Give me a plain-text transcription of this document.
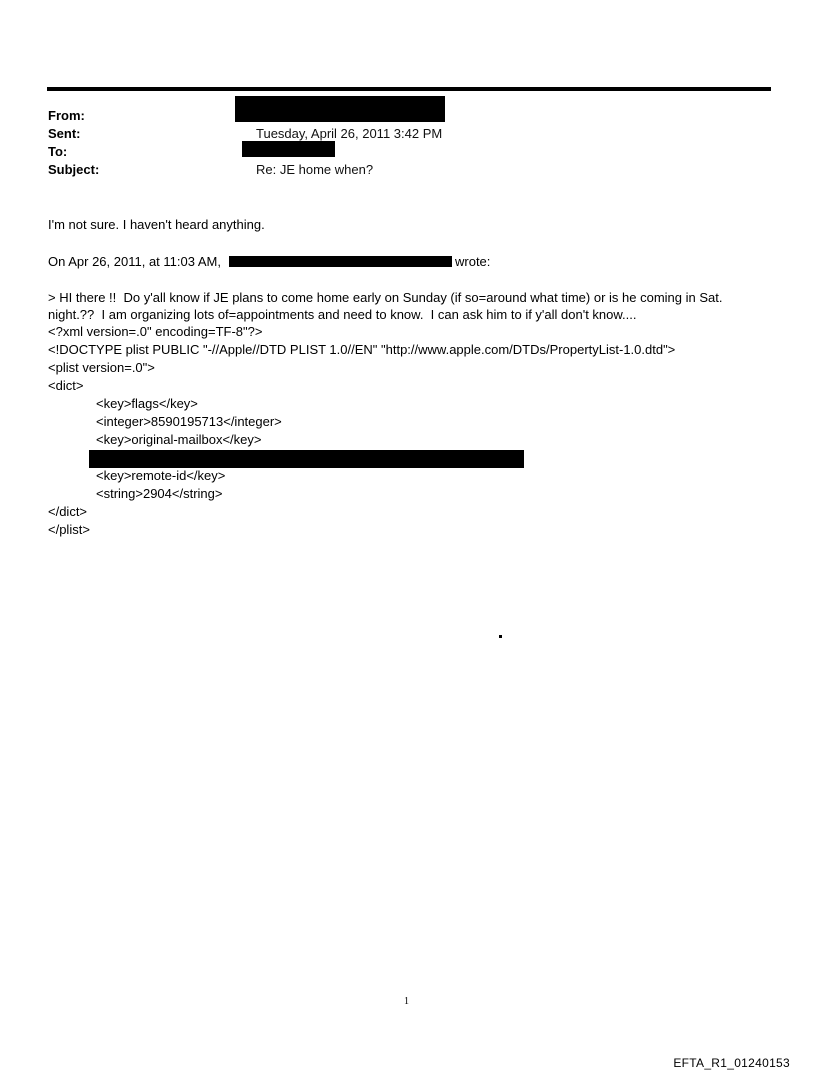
From:
Sent:	Tuesday, April 26, 2011 3:42 PM
To:
Subject:	Re: JE home when?
I'm not sure. I haven't heard anything.
On Apr 26, 2011, at 11:03 AM,	wrote:
> HI there !!  Do y'all know if JE plans to come home early on Sunday (if so=around what time) or is he coming in Sat.
night.??  I am organizing lots of=appointments and need to know.  I can ask him to if y'all don't know....
<?xml version=.0" encoding=TF-8"?>
<!DOCTYPE plist PUBLIC "-//Apple//DTD PLIST 1.0//EN" "http://www.apple.com/DTDs/PropertyList-1.0.dtd">
<plist version=.0">
<dict>
<key>flags</key>
<integer>8590195713</integer>
<key>original-mailbox</key>
<key>remote-id</key>
<string>2904</string>
</dict>
</plist>
1
EFTA_R1_01240153
